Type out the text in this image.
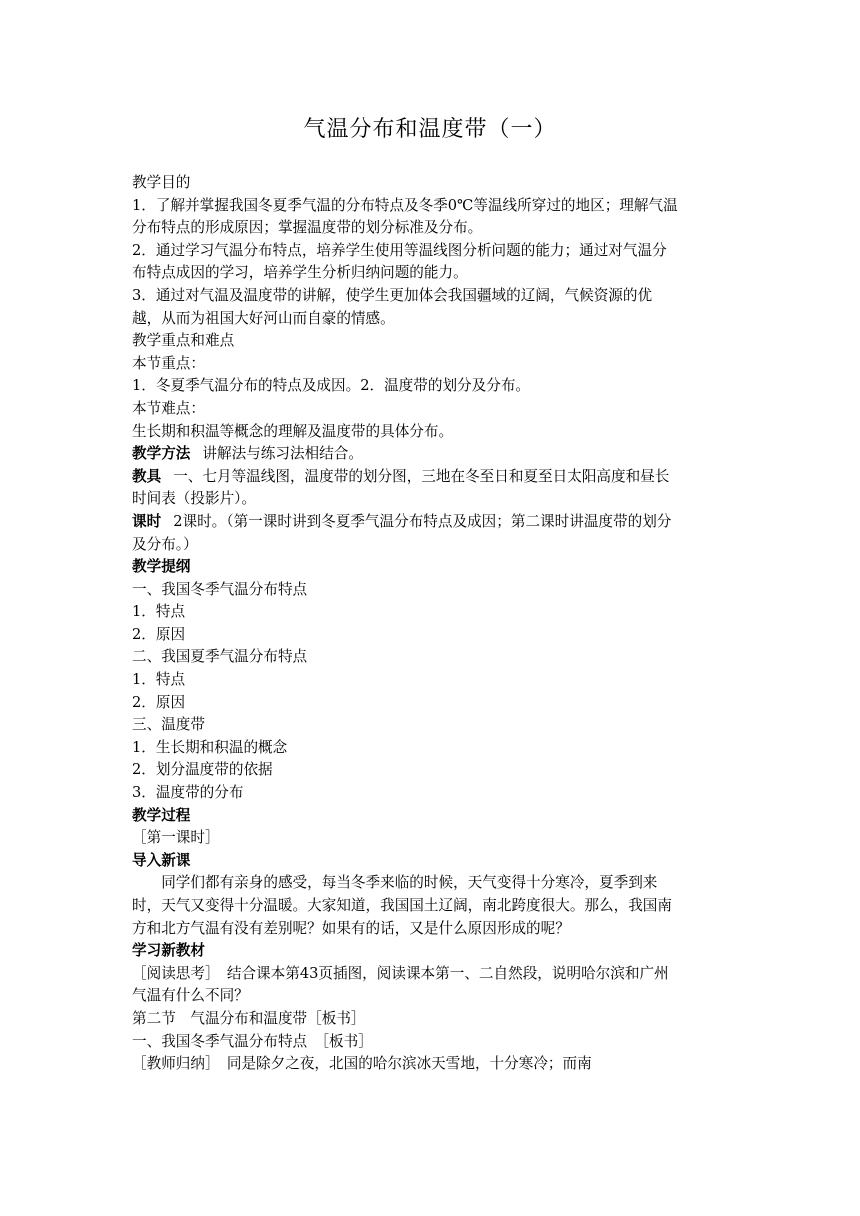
气温分布和温度带（一）

教学目的

1．了解并掌握我国冬夏季气温的分布特点及冬季0℃等温线所穿过的地区；理解气温分布特点的形成原因；掌握温度带的划分标准及分布。

2．通过学习气温分布特点，培养学生使用等温线图分析问题的能力；通过对气温分布特点成因的学习，培养学生分析归纳问题的能力。

3．通过对气温及温度带的讲解，使学生更加体会我国疆域的辽阔，气候资源的优越，从而为祖国大好河山而自豪的情感。

教学重点和难点

本节重点：

1．冬夏季气温分布的特点及成因。2．温度带的划分及分布。

本节难点：

生长期和积温等概念的理解及温度带的具体分布。

教学方法 讲解法与练习法相结合。

教具 一、七月等温线图，温度带的划分图，三地在冬至日和夏至日太阳高度和昼长时间表（投影片）。

课时 2课时。（第一课时讲到冬夏季气温分布特点及成因；第二课时讲温度带的划分及分布。）

教学提纲

一、我国冬季气温分布特点

1．特点

2．原因

二、我国夏季气温分布特点

1．特点

2．原因

三、温度带

1．生长期和积温的概念

2．划分温度带的依据

3．温度带的分布

教学过程

［第一课时］

导入新课

同学们都有亲身的感受，每当冬季来临的时候，天气变得十分寒冷，夏季到来时，天气又变得十分温暖。大家知道，我国国土辽阔，南北跨度很大。那么，我国南方和北方气温有没有差别呢？如果有的话，又是什么原因形成的呢？

学习新教材

［阅读思考］　结合课本第43页插图，阅读课本第一、二自然段，说明哈尔滨和广州气温有什么不同？

第二节　气温分布和温度带［板书］

一、我国冬季气温分布特点　［板书］

［教师归纳］　同是除夕之夜，北国的哈尔滨冰天雪地，十分寒冷；而南
